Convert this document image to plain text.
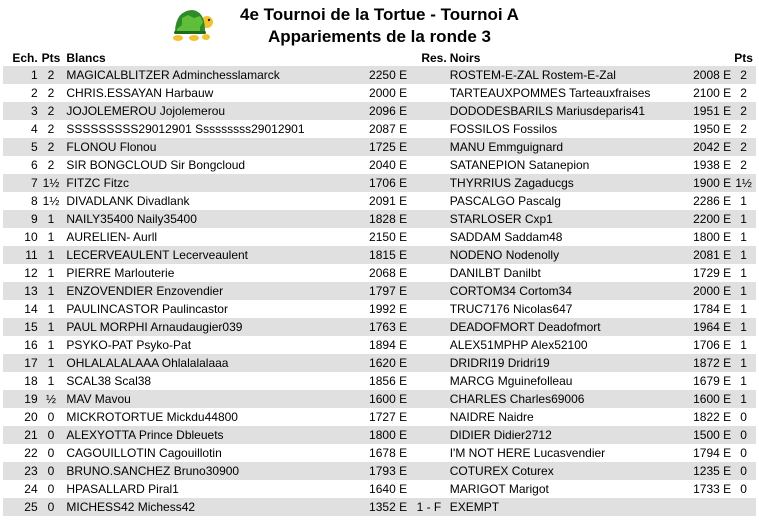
4e Tournoi de la Tortue - Tournoi A
Appariements de la ronde 3
Ech.	Pts	Blancs	Res.		Noirs		Pts
1	2	MAGICALBLITZER Adminchesslamarck	2250 E		ROSTEM-E-ZAL Rostem-E-Zal	2008 E	2
2	2	CHRIS.ESSAYAN Harbauw	2000 E		TARTEAUXPOMMES Tarteauxfraises	2100 E	2
3	2	JOJOLEMEROU Jojolemerou	2096 E		DODODESBARILS Mariusdeparis41	1951 E	2
4	2	SSSSSSSSS29012901 Sssssssss29012901	2087 E		FOSSILOS Fossilos	1950 E	2
5	2	FLONOU Flonou	1725 E		MANU Emmguignard	2042 E	2
6	2	SIR BONGCLOUD Sir Bongcloud	2040 E		SATANEPION Satanepion	1938 E	2
7	1½	FITZC Fitzc	1706 E		THYRRIUS Zagaducgs	1900 E	1½
8	1½	DIVADLANK Divadlank	2091 E		PASCALGO Pascalg	2286 E	1
9	1	NAILY35400 Naily35400	1828 E		STARLOSER Cxp1	2200 E	1
10	1	AURELIEN- Aurll	2150 E		SADDAM Saddam48	1800 E	1
11	1	LECERVEAULENT Lecerveaulent	1815 E		NODENO Nodenolly	2081 E	1
12	1	PIERRE Marlouterie	2068 E		DANILBT Danilbt	1729 E	1
13	1	ENZOVENDIER Enzovendier	1797 E		CORTOM34 Cortom34	2000 E	1
14	1	PAULINCASTOR Paulincastor	1992 E		TRUC7176 Nicolas647	1784 E	1
15	1	PAUL MORPHI Arnaudaugier039	1763 E		DEADOFMORT Deadofmort	1964 E	1
16	1	PSYKO-PAT Psyko-Pat	1894 E		ALEX51MPHP Alex52100	1706 E	1
17	1	OHLALALALAAA Ohlalalalaaa	1620 E		DRIDRI19 Dridri19	1872 E	1
18	1	SCAL38 Scal38	1856 E		MARCG Mguinefolleau	1679 E	1
19	½	MAV Mavou	1600 E		CHARLES Charles69006	1600 E	1
20	0	MICKROTORTUE Mickdu44800	1727 E		NAIDRE Naidre	1822 E	0
21	0	ALEXYOTTA Prince Dbleuets	1800 E		DIDIER Didier2712	1500 E	0
22	0	CAGOUILLOTIN Cagouillotin	1678 E		I'M NOT HERE Lucasvendier	1794 E	0
23	0	BRUNO.SANCHEZ Bruno30900	1793 E		COTUREX Coturex	1235 E	0
24	0	HPASALLARD Piral1	1640 E		MARIGOT Marigot	1733 E	0
25	0	MICHESS42 Michess42	1352 E	1 - F	EXEMPT		
